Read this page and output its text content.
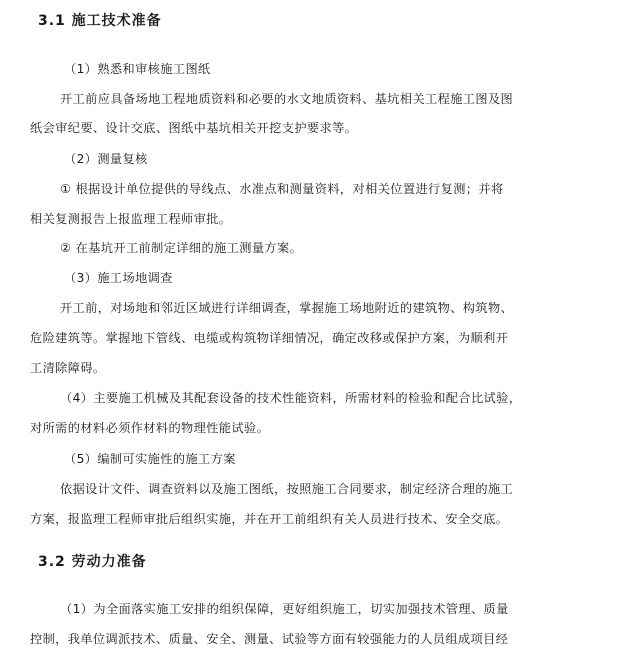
3.1 施工技术准备
（1）熟悉和审核施工图纸
开工前应具备场地工程地质资料和必要的水文地质资料、基坑相关工程施工图及图
纸会审纪要、设计交底、图纸中基坑相关开挖支护要求等。
（2）测量复核
① 根据设计单位提供的导线点、水准点和测量资料，对相关位置进行复测；并将
相关复测报告上报监理工程师审批。
② 在基坑开工前制定详细的施工测量方案。
（3）施工场地调查
开工前，对场地和邻近区域进行详细调查，掌握施工场地附近的建筑物、构筑物、
危险建筑等。掌握地下管线、电缆或构筑物详细情况，确定改移或保护方案，为顺利开
工清除障碍。
（4）主要施工机械及其配套设备的技术性能资料，所需材料的检验和配合比试验，
对所需的材料必须作材料的物理性能试验。
（5）编制可实施性的施工方案
依据设计文件、调查资料以及施工图纸，按照施工合同要求，制定经济合理的施工
方案，报监理工程师审批后组织实施，并在开工前组织有关人员进行技术、安全交底。
3.2 劳动力准备
（1）为全面落实施工安排的组织保障，更好组织施工，切实加强技术管理、质量
控制，我单位调派技术、质量、安全、测量、试验等方面有较强能力的人员组成项目经
